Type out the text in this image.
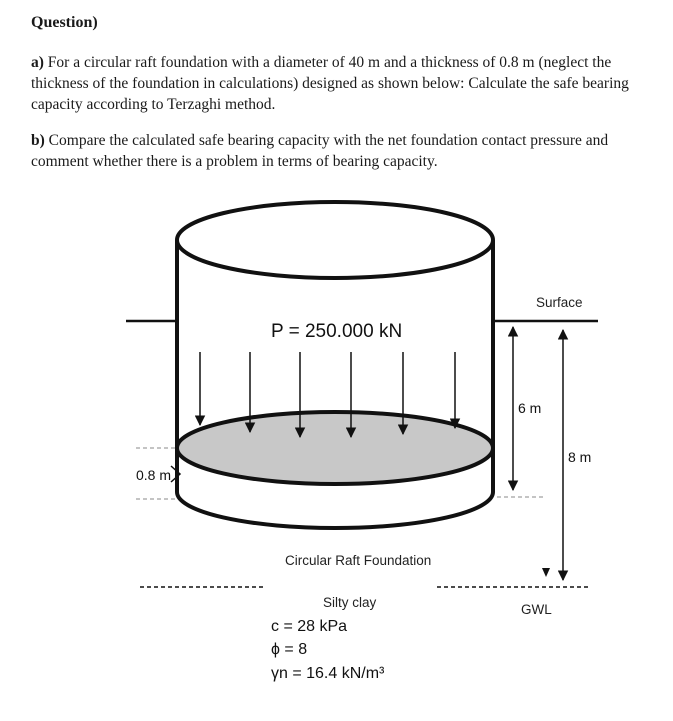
Question)
a) For a circular raft foundation with a diameter of 40 m and a thickness of 0.8 m (neglect the thickness of the foundation in calculations) designed as shown below: Calculate the safe bearing capacity according to Terzaghi method.
b) Compare the calculated safe bearing capacity with the net foundation contact pressure and comment whether there is a problem in terms of bearing capacity.
P = 250.000 kN
0.8 m
6 m
8 m
Surface
GWL
Circular Raft Foundation
Silty clay
c = 28 kPa
ϕ = 8
γn = 16.4 kN/m³
